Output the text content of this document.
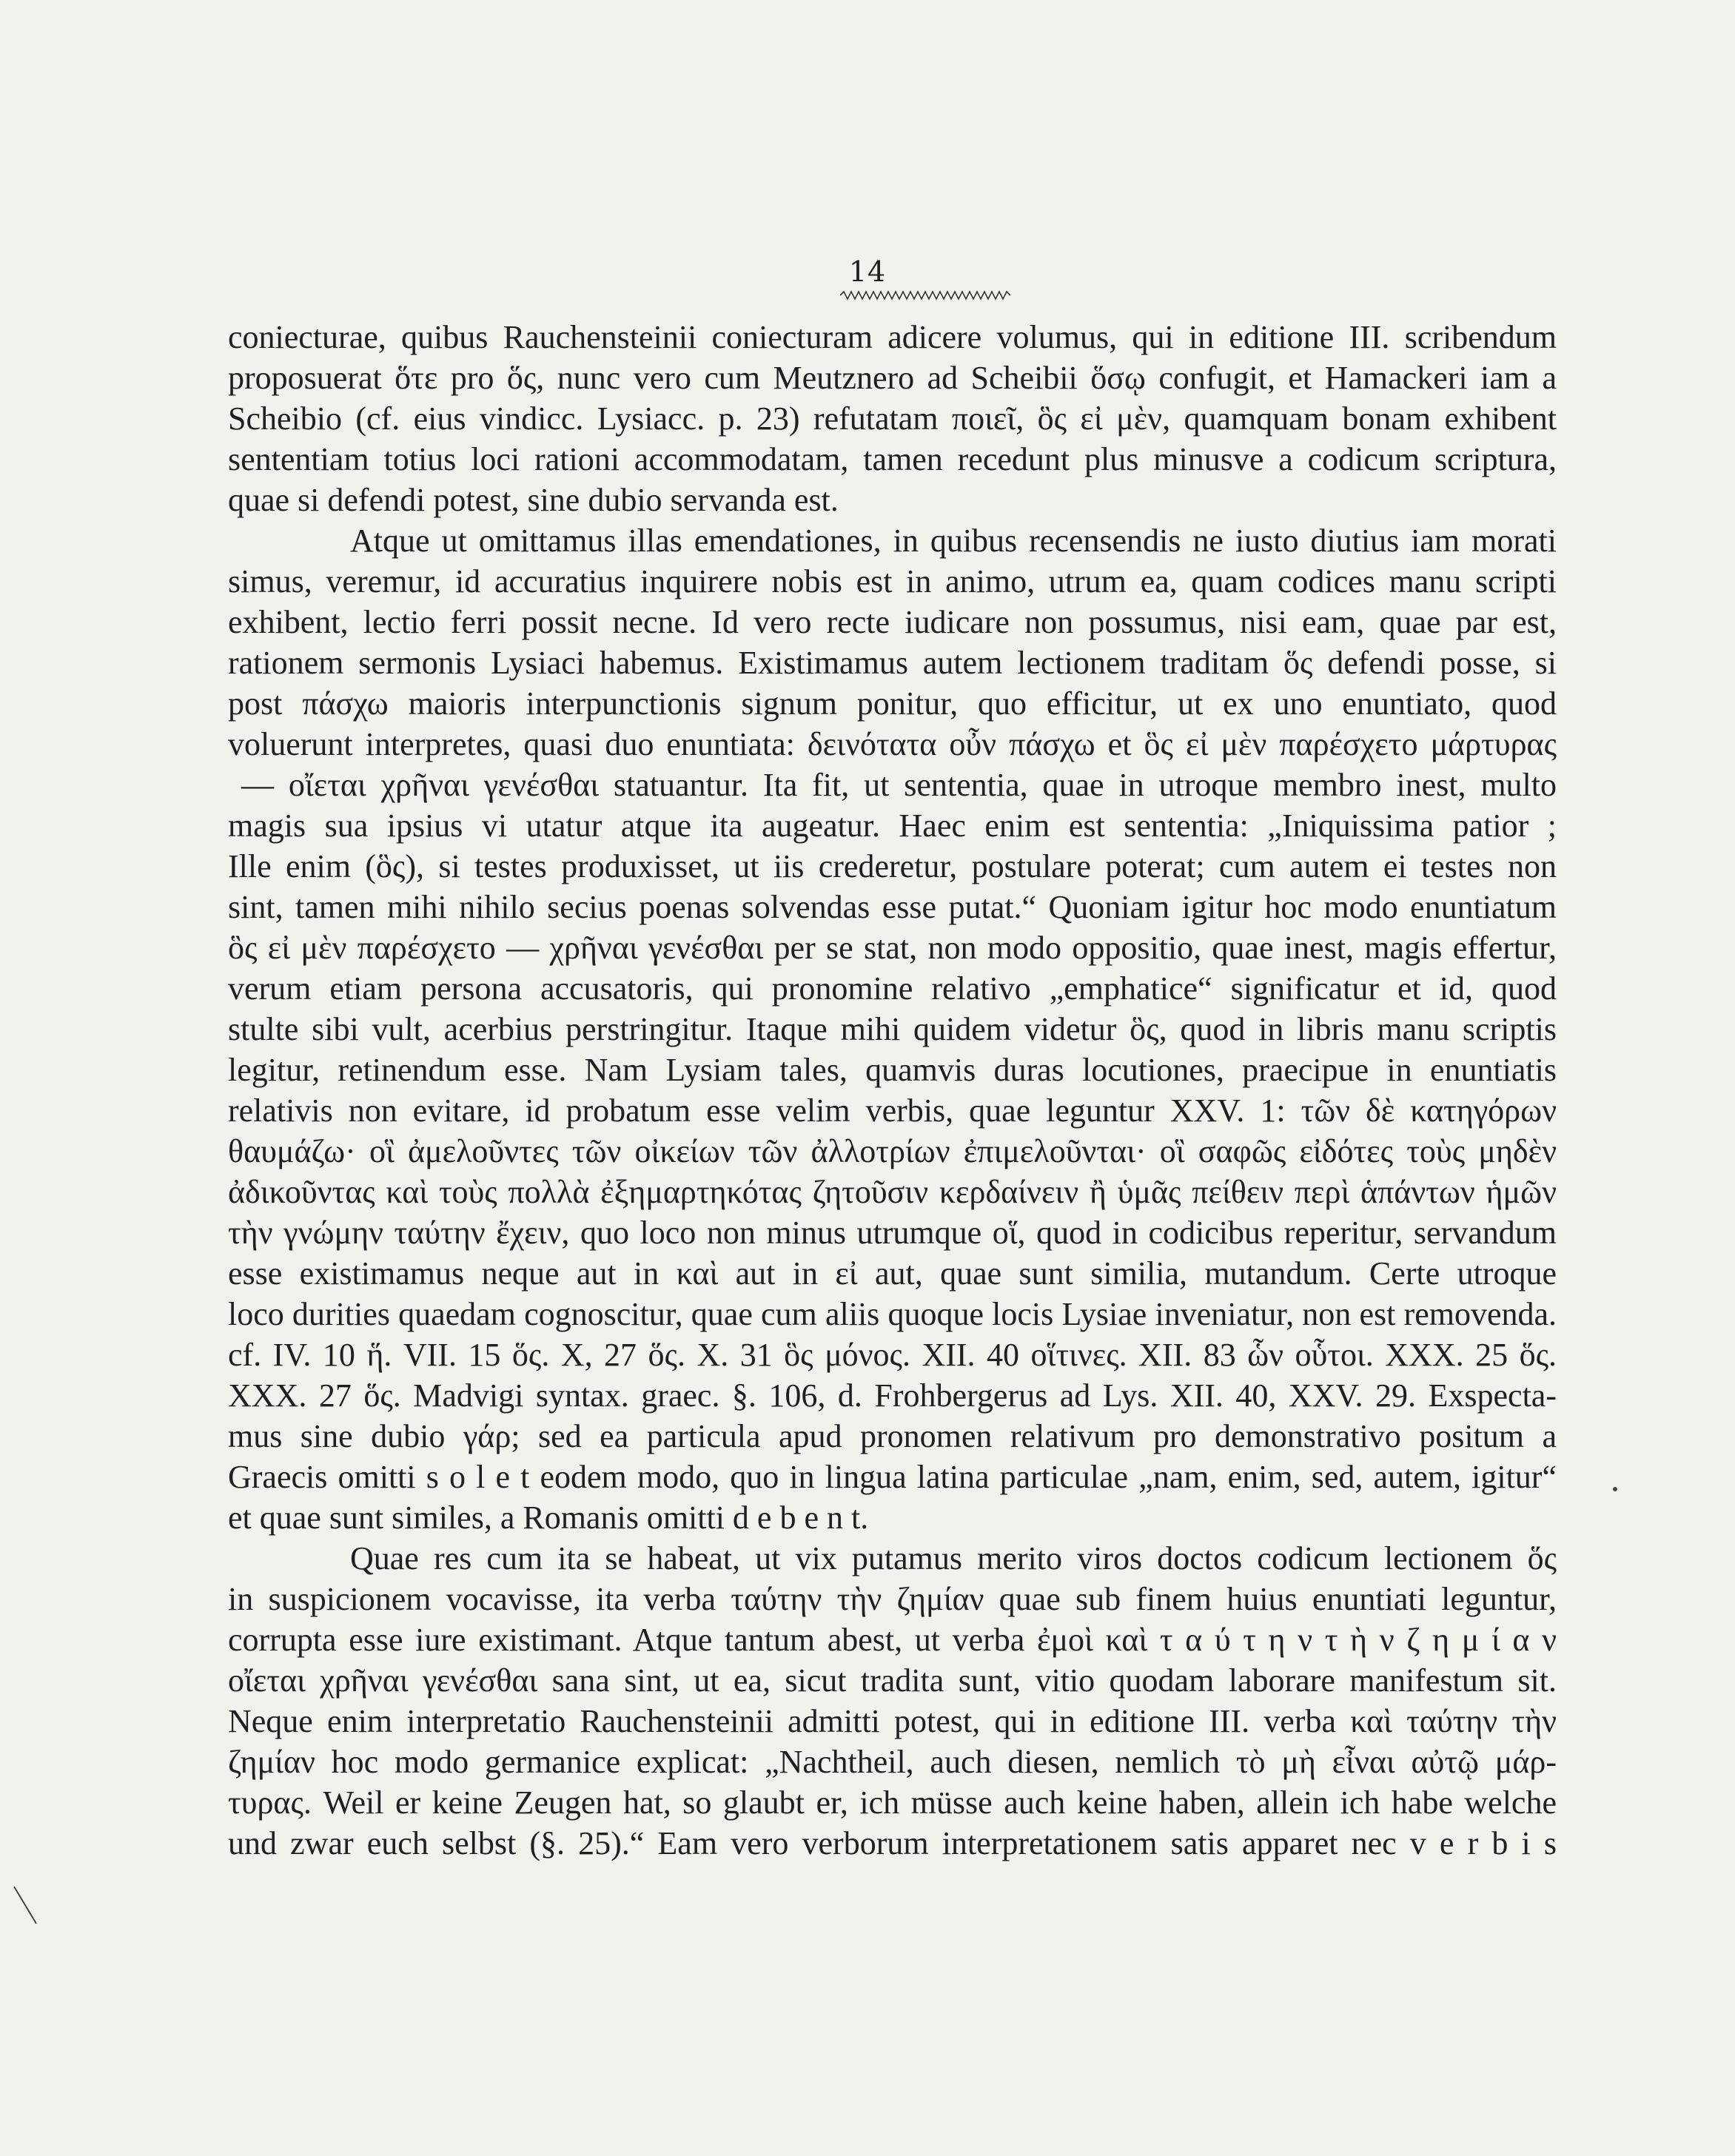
14
coniecturae, quibus Rauchensteinii coniecturam adicere volumus, qui in editione III. scribendum
proposuerat ὅτε pro ὅς, nunc vero cum Meutznero ad Scheibii ὅσῳ confugit, et Hamackeri iam a
Scheibio (cf. eius vindicc. Lysiacc. p. 23) refutatam ποιεῖ, ὃς εἰ μὲν, quamquam bonam exhibent
sententiam totius loci rationi accommodatam, tamen recedunt plus minusve a codicum scriptura,
quae si defendi potest, sine dubio servanda est.
Atque ut omittamus illas emendationes, in quibus recensendis ne iusto diutius iam morati
simus, veremur, id accuratius inquirere nobis est in animo, utrum ea, quam codices manu scripti
exhibent, lectio ferri possit necne. Id vero recte iudicare non possumus, nisi eam, quae par est,
rationem sermonis Lysiaci habemus. Existimamus autem lectionem traditam ὅς defendi posse, si
post πάσχω maioris interpunctionis signum ponitur, quo efficitur, ut ex uno enuntiato, quod
voluerunt interpretes, quasi duo enuntiata: δεινότατα οὖν πάσχω et ὃς εἰ μὲν παρέσχετο μάρτυρας
— οἴεται χρῆναι γενέσθαι statuantur. Ita fit, ut sententia, quae in utroque membro inest, multo
magis sua ipsius vi utatur atque ita augeatur. Haec enim est sententia: „Iniquissima patior ;
Ille enim (ὃς), si testes produxisset, ut iis crederetur, postulare poterat; cum autem ei testes non
sint, tamen mihi nihilo secius poenas solvendas esse putat.“ Quoniam igitur hoc modo enuntiatum
ὃς εἰ μὲν παρέσχετο — χρῆναι γενέσθαι per se stat, non modo oppositio, quae inest, magis effertur,
verum etiam persona accusatoris, qui pronomine relativo „emphatice“ significatur et id, quod
stulte sibi vult, acerbius perstringitur. Itaque mihi quidem videtur ὃς, quod in libris manu scriptis
legitur, retinendum esse. Nam Lysiam tales, quamvis duras locutiones, praecipue in enuntiatis
relativis non evitare, id probatum esse velim verbis, quae leguntur XXV. 1: τῶν δὲ κατηγόρων
θαυμάζω· οἳ ἀμελοῦντες τῶν οἰκείων τῶν ἀλλοτρίων ἐπιμελοῦνται· οἳ σαφῶς εἰδότες τοὺς μηδὲν
ἀδικοῦντας καὶ τοὺς πολλὰ ἐξημαρτηκότας ζητοῦσιν κερδαίνειν ἢ ὑμᾶς πείθειν περὶ ἁπάντων ἡμῶν
τὴν γνώμην ταύτην ἔχειν, quo loco non minus utrumque οἵ, quod in codicibus reperitur, servandum
esse existimamus neque aut in καὶ aut in εἰ aut, quae sunt similia, mutandum. Certe utroque
loco durities quaedam cognoscitur, quae cum aliis quoque locis Lysiae inveniatur, non est removenda.
cf. IV. 10 ἥ. VII. 15 ὅς. X, 27 ὅς. X. 31 ὃς μόνος. XII. 40 οἵτινες. XII. 83 ὧν οὗτοι. XXX. 25 ὅς.
XXX. 27 ὅς. Madvigi syntax. graec. §. 106, d. Frohbergerus ad Lys. XII. 40, XXV. 29. Exspecta-
mus sine dubio γάρ; sed ea particula apud pronomen relativum pro demonstrativo positum a
Graecis omitti s o l e t eodem modo, quo in lingua latina particulae „nam, enim, sed, autem, igitur“
et quae sunt similes, a Romanis omitti d e b e n t.
Quae res cum ita se habeat, ut vix putamus merito viros doctos codicum lectionem ὅς
in suspicionem vocavisse, ita verba ταύτην τὴν ζημίαν quae sub finem huius enuntiati leguntur,
corrupta esse iure existimant. Atque tantum abest, ut verba ἐμοὶ καὶ τ α ύ τ η ν τ ὴ ν ζ η μ ί α ν
οἴεται χρῆναι γενέσθαι sana sint, ut ea, sicut tradita sunt, vitio quodam laborare manifestum sit.
Neque enim interpretatio Rauchensteinii admitti potest, qui in editione III. verba καὶ ταύτην τὴν
ζημίαν hoc modo germanice explicat: „Nachtheil, auch diesen, nemlich τὸ μὴ εἶναι αὐτῷ μάρ-
τυρας. Weil er keine Zeugen hat, so glaubt er, ich müsse auch keine haben, allein ich habe welche
und zwar euch selbst (§. 25).“ Eam vero verborum interpretationem satis apparet nec v e r b i s
